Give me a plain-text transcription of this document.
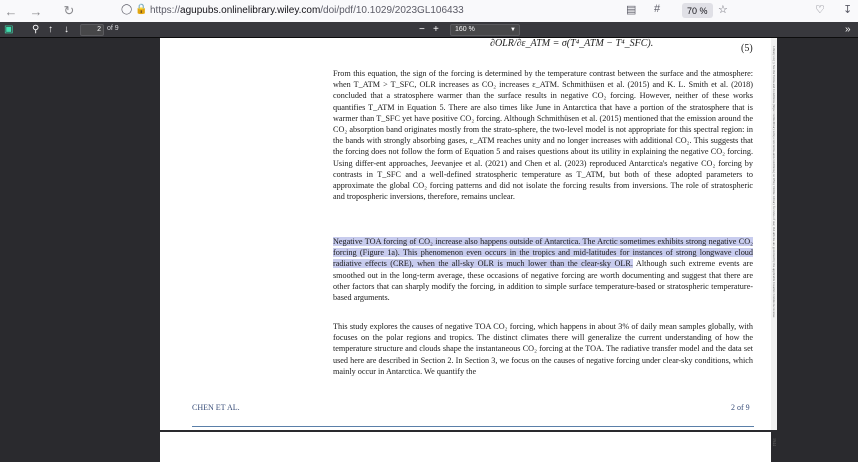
← → ↻	◯ 🔒 https://agupubs.onlinelibrary.wiley.com/doi/pdf/10.1029/2023GL106433	▤ #	70 % ☆	♡ ↧
▣ ⚲ ↑ ↓	2 of 9	− +	160 %	▼	»
Library on [ ]. See the Terms and Conditions (https://onlinelibrary.wiley.com/terms-and-conditions) on Wiley Online Library for rules of use; OA articles are governed by the applicable Creative Commons License
1944
∂OLR/∂ε_ATM = σ(T⁴_ATM − T⁴_SFC).	(5)

From this equation, the sign of the forcing is determined by the temperature contrast between the surface and the atmosphere: when T_ATM > T_SFC, OLR increases as CO₂ increases ε_ATM. Schmithüsen et al. (2015) and K. L. Smith et al. (2018) concluded that a stratosphere warmer than the surface results in negative CO₂ forcing. However, neither of these works quantifies T_ATM in Equation 5. There are also times like June in Antarctica that have a portion of the stratosphere that is warmer than T_SFC yet have positive CO₂ forcing. Although Schmithüsen et al. (2015) mentioned that the emission around the CO₂ absorption band originates mostly from the strato-sphere, the two-level model is not appropriate for this spectral region: in the bands with strongly absorbing gases, ε_ATM reaches unity and no longer increases with additional CO₂. This suggests that the forcing does not follow the form of Equation 5 and raises questions about its utility in explaining the negative CO₂ forcing. Using differ-ent approaches, Jeevanjee et al. (2021) and Chen et al. (2023) reproduced Antarctica's negative CO₂ forcing by contrasts in T_SFC and a well-defined stratospheric temperature as T_ATM, but both of these adopted parameters to approximate the global CO₂ forcing patterns and did not isolate the forcing results from inversions. The role of stratospheric and tropospheric inversions, therefore, remains unclear.

Negative TOA forcing of CO₂ increase also happens outside of Antarctica. The Arctic sometimes exhibits strong negative CO₂ forcing (Figure 1a). This phenomenon even occurs in the tropics and mid-latitudes for instances of strong longwave cloud radiative effects (CRE), when the all-sky OLR is much lower than the clear-sky OLR. Although such extreme events are smoothed out in the long-term average, these occasions of negative forcing are worth documenting and suggest that there are other factors that can sharply modify the forcing, in addition to simple surface temperature-based or stratospheric temperature-based arguments.

This study explores the causes of negative TOA CO₂ forcing, which happens in about 3% of daily mean samples globally, with focuses on the polar regions and tropics. The distinct climates there will generalize the current understanding of how the temperature structure and clouds shape the instantaneous CO₂ forcing at the TOA. The radiative transfer model and the data set used here are described in Section 2. In Section 3, we focus on the causes of negative forcing under clear-sky conditions, which mainly occur in Antarctica. We quantify the

CHEN ET AL.	2 of 9
